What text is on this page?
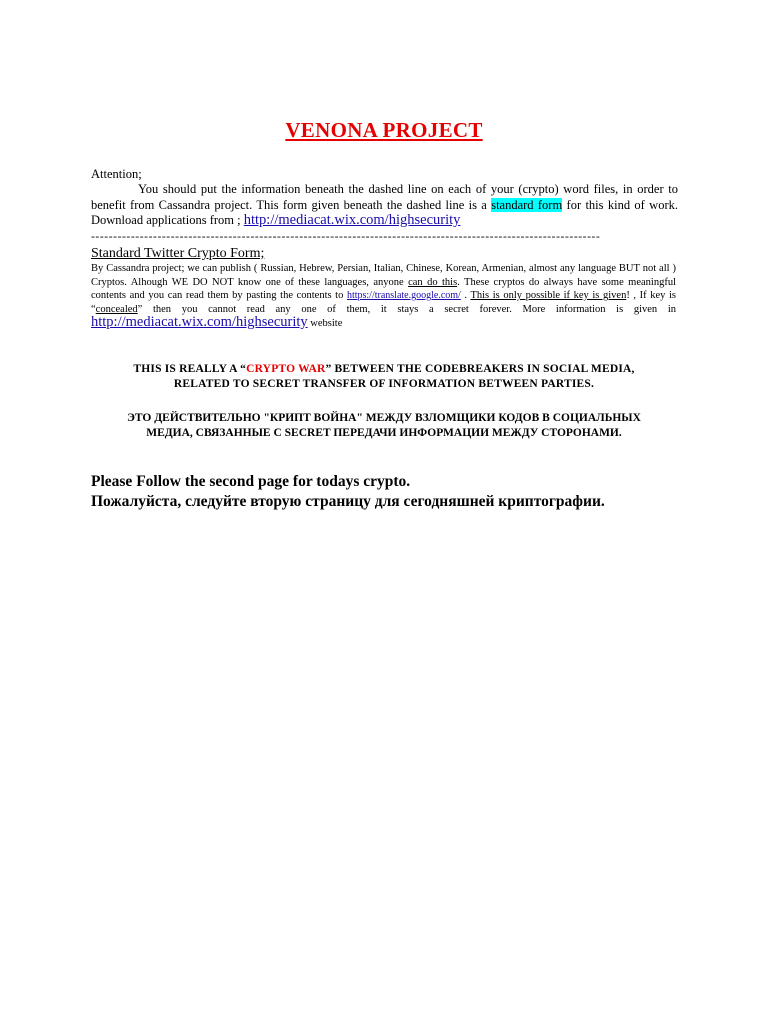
VENONA PROJECT
Attention;
You should put the information beneath the dashed line on each of your (crypto) word files, in order to benefit from Cassandra project. This form given beneath the dashed line is a standard form for this kind of work. Download applications from ; http://mediacat.wix.com/highsecurity
-------------------------------------------------------------------------------------------------------------------
Standard Twitter Crypto Form;
By Cassandra project; we can publish ( Russian, Hebrew, Persian, Italian, Chinese, Korean, Armenian, almost any language BUT not all ) Cryptos. Alhough WE DO NOT know one of these languages, anyone can do this. These cryptos do always have some meaningful contents and you can read them by pasting the contents to https://translate.google.com/ . This is only possible if key is given! , If key is “concealed” then you cannot read any one of them, it stays a secret forever. More information is given in http://mediacat.wix.com/highsecurity website
THIS IS REALLY A “CRYPTO WAR” BETWEEN THE CODEBREAKERS IN SOCIAL MEDIA, RELATED TO SECRET TRANSFER OF INFORMATION BETWEEN PARTIES.
ЭТО ДЕЙСТВИТЕЛЬНО "КРИПТ ВОЙНА" МЕЖДУ ВЗЛОМЩИКИ КОДОВ В СОЦИАЛЬНЫХ МЕДИА, СВЯЗАННЫЕ С SECRET ПЕРЕДАЧИ ИНФОРМАЦИИ МЕЖДУ СТОРОНАМИ.
Please Follow the second page for todays crypto.
Пожалуйста, следуйте вторую страницу для сегодняшней криптографии.
